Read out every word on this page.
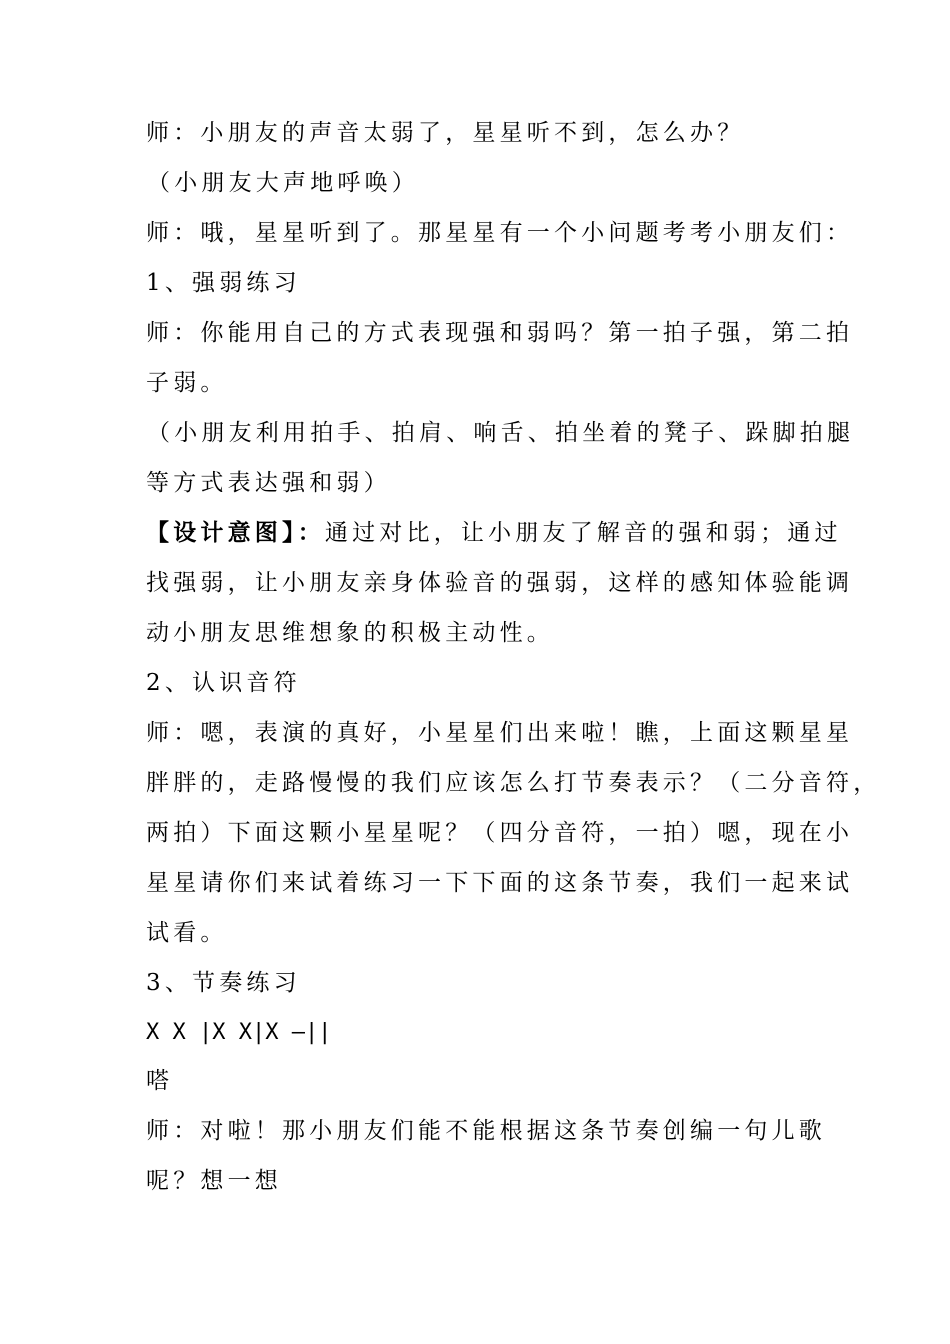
师：小朋友的声音太弱了，星星听不到，怎么办？
（小朋友大声地呼唤）
师：哦，星星听到了。那星星有一个小问题考考小朋友们：
1、强弱练习
师：你能用自己的方式表现强和弱吗？第一拍子强，第二拍
子弱。
（小朋友利用拍手、拍肩、响舌、拍坐着的凳子、跺脚拍腿
等方式表达强和弱）
【设计意图】：通过对比，让小朋友了解音的强和弱；通过
找强弱，让小朋友亲身体验音的强弱，这样的感知体验能调
动小朋友思维想象的积极主动性。
2、认识音符
师：嗯，表演的真好，小星星们出来啦！瞧，上面这颗星星
胖胖的，走路慢慢的我们应该怎么打节奏表示？（二分音符，
两拍）下面这颗小星星呢？（四分音符，一拍）嗯，现在小
星星请你们来试着练习一下下面的这条节奏，我们一起来试
试看。
3、节奏练习
X X |X X|X —||
嗒
师：对啦！那小朋友们能不能根据这条节奏创编一句儿歌
呢？想一想
